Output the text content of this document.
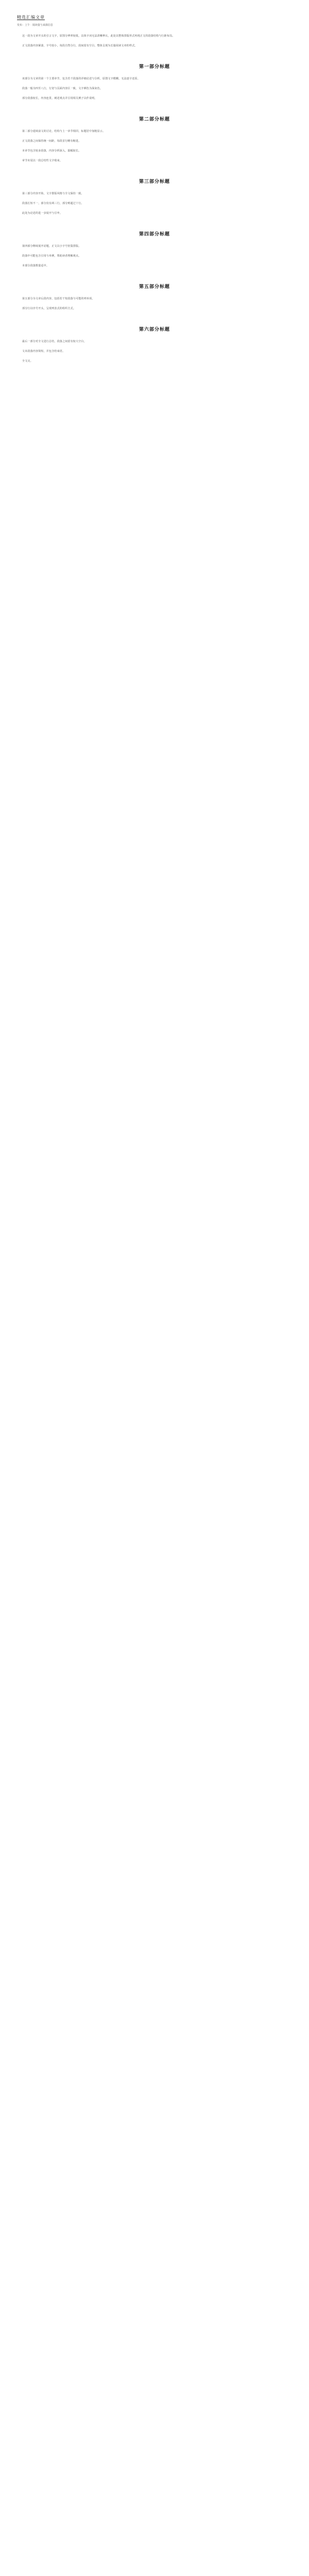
精选汇编文章
发布：上午 · 阅读量与来源信息

这一段为文章开头的引言文字，原图分辨率较低，具体字词无法清晰辨认，此处以整体排版形式再现正文的段落结构与行距布局。

正文段落内容紧凑，字号较小，每段自然分行，段间留有空白，整体呈现为长篇阅读文章的样式。

第一部分标题

该部分为文章的第一个主要章节，包含若干段落的详细论述与分析，原图文字模糊，无法逐字还原。

段落一般为四至八行，行宽与页面内容区一致，文字颜色为深灰色。

部分段落较长，内容连贯，阐述观点并引用相关例子以作说明。

第二部分标题

第二部分延续前文的讨论，结构与上一章节相同，标题居中加粗显示。

正文段落之间保持统一间距，每段首行略有缩进。

本章节包含较多段落，内容分析深入，篇幅较长。

章节末尾以一段总结性文字收束。

第三部分标题

第三部分内容开始，文字排版风格与全文保持一致。

段落长短不一，部分仅有两三行，部分则超过十行。

此处为论述的进一步展开与引申。

第四部分标题

第四部分继续展开话题，正文以小字号密集排版。

段落中可能包含引用与举例，帮助读者理解观点。

本部分段落数量适中。

第五部分标题

第五部分为文章后段内容，包括若干短段落与可能的列举项。

部分行以序号开头，呈现列表式的组织方式。

第六部分标题

最后一部分对全文进行总结，段落之间留有较大空白。

文末段落内容简短，并包含结束语。

全文完。
